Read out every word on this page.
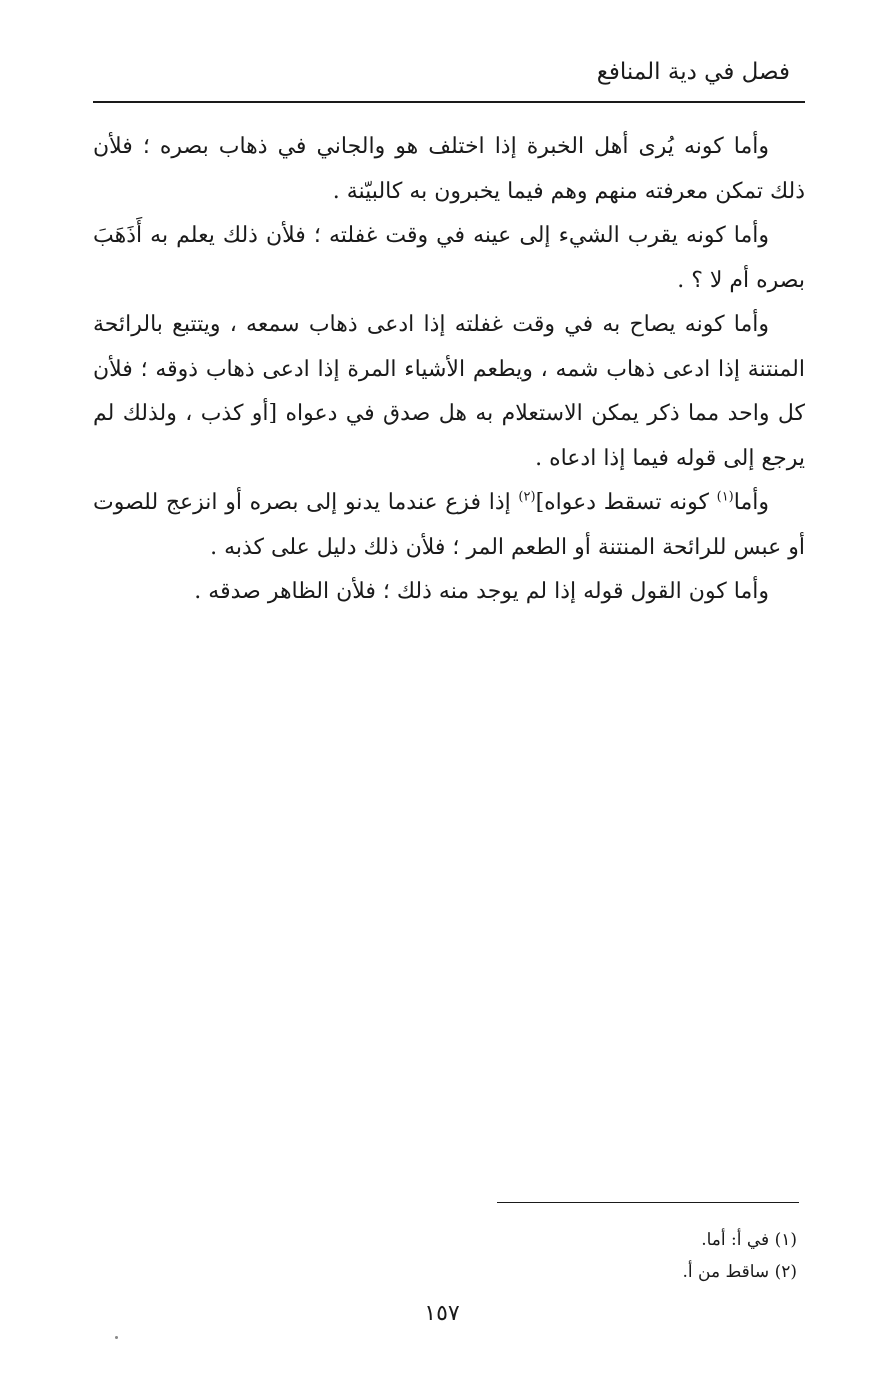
فصل في دية المنافع

وأما كونه يُرى أهل الخبرة إذا اختلف هو والجاني في ذهاب بصره ؛ فلأن ذلك تمكن معرفته منهم وهم فيما يخبرون به كالبيّنة .

وأما كونه يقرب الشيء إلى عينه في وقت غفلته ؛ فلأن ذلك يعلم به أَذَهَبَ بصره أم لا ؟ .

وأما كونه يصاح به في وقت غفلته إذا ادعى ذهاب سمعه ، ويتتبع بالرائحة المنتنة إذا ادعى ذهاب شمه ، ويطعم الأشياء المرة إذا ادعى ذهاب ذوقه ؛ فلأن كل واحد مما ذكر يمكن الاستعلام به هل صدق في دعواه [أو كذب ، ولذلك لم يرجع إلى قوله فيما إذا ادعاه .

وأما$^{(١)}$ كونه تسقط دعواه]$^{(٢)}$ إذا فزع عندما يدنو إلى بصره أو انزعج للصوت أو عبس للرائحة المنتنة أو الطعم المر ؛ فلأن ذلك دليل على كذبه .

وأما كون القول قوله إذا لم يوجد منه ذلك ؛ فلأن الظاهر صدقه .

(١) في أ: أما.

(٢) ساقط من أ.

١٥٧
